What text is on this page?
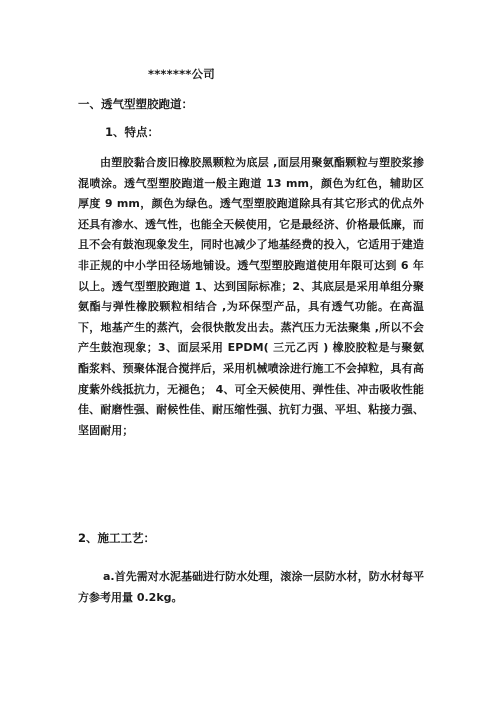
*******公司
一、透气型塑胶跑道：
1、特点：

由塑胶黏合废旧橡胶黑颗粒为底层 ,面层用聚氨酯颗粒与塑胶浆掺混喷涂。透气型塑胶跑道一般主跑道 13 mm，颜色为红色，辅助区厚度 9 mm，颜色为绿色。透气型塑胶跑道除具有其它形式的优点外还具有渗水、透气性，也能全天候使用，它是最经济、价格最低廉，而且不会有鼓泡现象发生，同时也减少了地基经费的投入，它适用于建造非正规的中小学田径场地铺设。透气型塑胶跑道使用年限可达到 6 年以上。透气型塑胶跑道 1、达到国际标准；2、其底层是采用单组分聚氨酯与弹性橡胶颗粒相结合 ,为环保型产品，具有透气功能。在高温下，地基产生的蒸汽，会很快散发出去。蒸汽压力无法聚集 ,所以不会产生鼓泡现象；3、面层采用 EPDM( 三元乙丙 ) 橡胶胶粒是与聚氨酯浆料、预聚体混合搅拌后，采用机械喷涂进行施工不会掉粒，具有高度紫外线抵抗力，无褪色； 4、可全天候使用、弹性佳、冲击吸收性能佳、耐磨性强、耐候性佳、耐压缩性强、抗钉力强、平坦、粘接力强、坚固耐用；

2、施工工艺：

a.首先需对水泥基础进行防水处理，滚涂一层防水材，防水材每平方参考用量 0.2kg。
